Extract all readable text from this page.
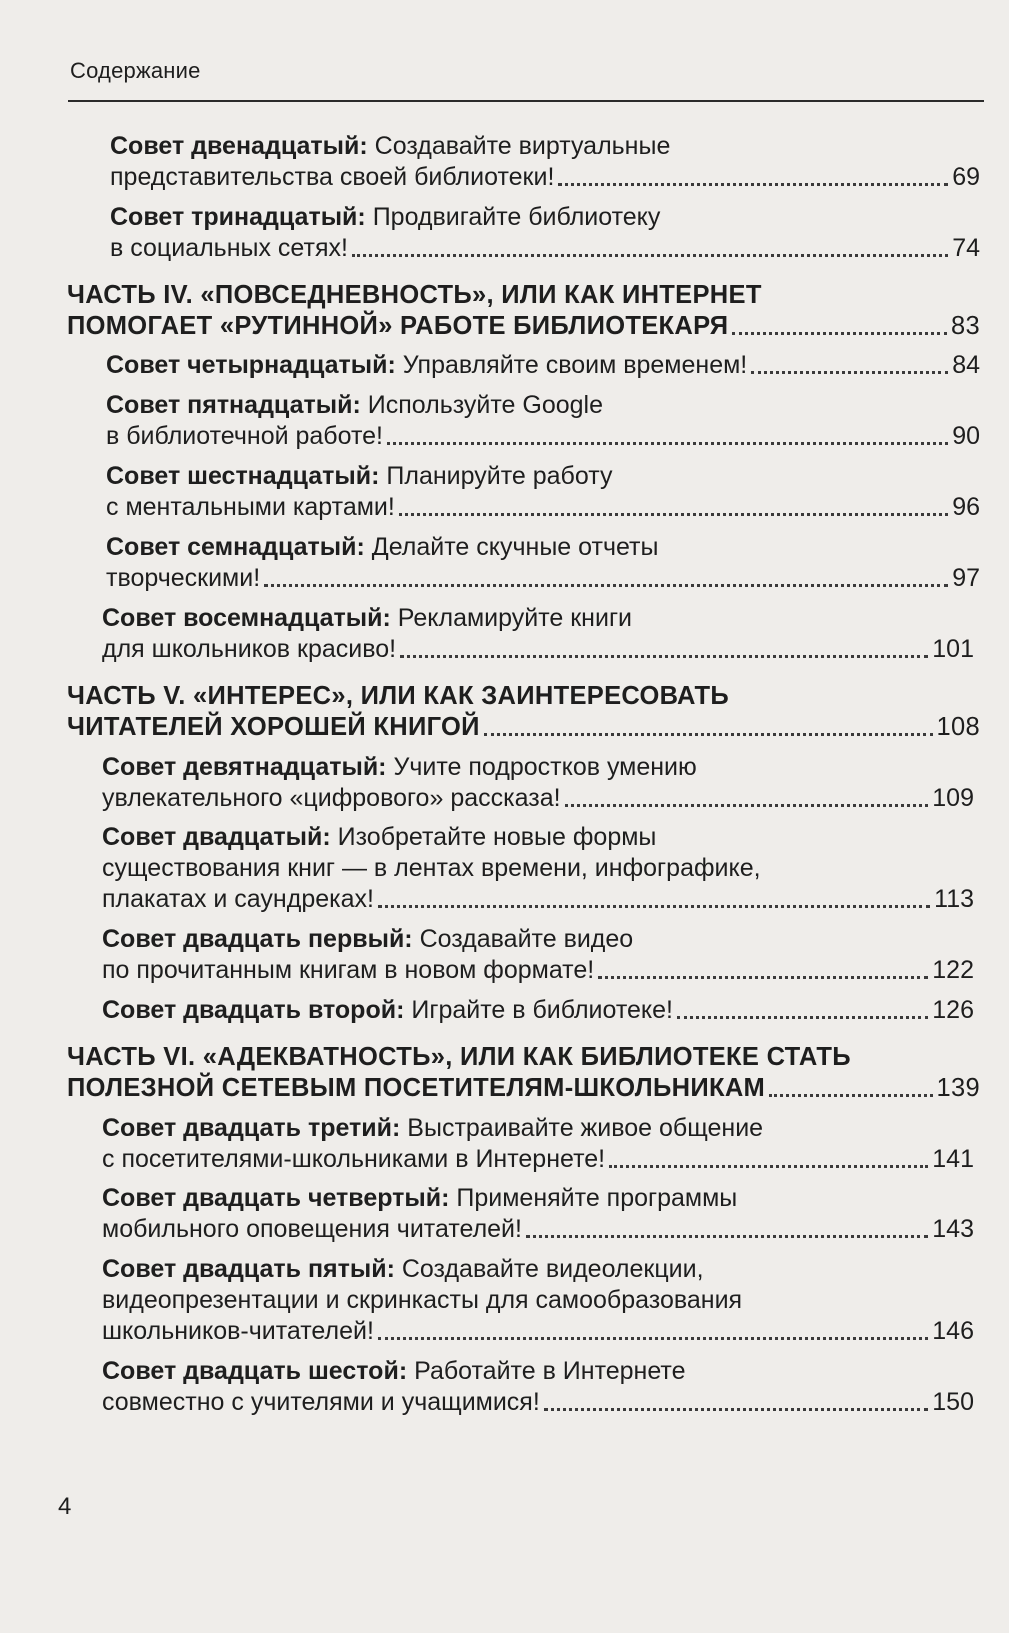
Содержание
Совет двенадцатый: Создавайте виртуальные
представительства своей библиотеки!	69
Совет тринадцатый: Продвигайте библиотеку
в социальных сетях!	74
ЧАСТЬ IV. «ПОВСЕДНЕВНОСТЬ», ИЛИ КАК ИНТЕРНЕТ
ПОМОГАЕТ «РУТИННОЙ» РАБОТЕ БИБЛИОТЕКАРЯ	83
Совет четырнадцатый: Управляйте своим временем!	84
Совет пятнадцатый: Используйте Google
в библиотечной работе!	90
Совет шестнадцатый: Планируйте работу
с ментальными картами!	96
Совет семнадцатый: Делайте скучные отчеты
творческими!	97
Совет восемнадцатый: Рекламируйте книги
для школьников красиво!	101
ЧАСТЬ V. «ИНТЕРЕС», ИЛИ КАК ЗАИНТЕРЕСОВАТЬ
ЧИТАТЕЛЕЙ ХОРОШЕЙ КНИГОЙ	108
Совет девятнадцатый: Учите подростков умению
увлекательного «цифрового» рассказа!	109
Совет двадцатый: Изобретайте новые формы
существования книг — в лентах времени, инфографике,
плакатах и саундреках!	113
Совет двадцать первый: Создавайте видео
по прочитанным книгам в новом формате!	122
Совет двадцать второй: Играйте в библиотеке!	126
ЧАСТЬ VI. «АДЕКВАТНОСТЬ», ИЛИ КАК БИБЛИОТЕКЕ СТАТЬ
ПОЛЕЗНОЙ СЕТЕВЫМ ПОСЕТИТЕЛЯМ-ШКОЛЬНИКАМ	139
Совет двадцать третий: Выстраивайте живое общение
с посетителями-школьниками в Интернете!	141
Совет двадцать четвертый: Применяйте программы
мобильного оповещения читателей!	143
Совет двадцать пятый: Создавайте видеолекции,
видеопрезентации и скринкасты для самообразования
школьников-читателей!	146
Совет двадцать шестой: Работайте в Интернете
совместно с учителями и учащимися!	150
4
